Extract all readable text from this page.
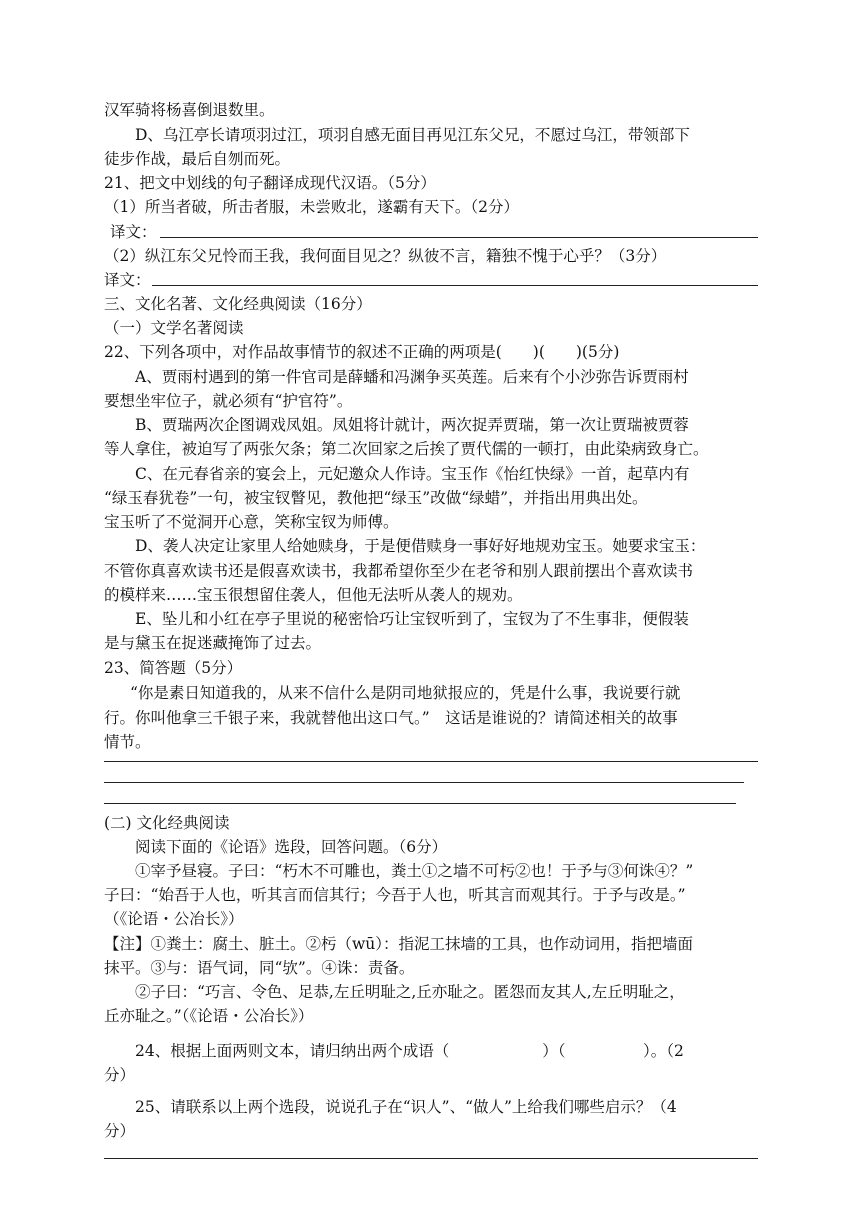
汉军骑将杨喜倒退数里。
D、乌江亭长请项羽过江，项羽自感无面目再见江东父兄，不愿过乌江，带领部下
徒步作战，最后自刎而死。
21、把文中划线的句子翻译成现代汉语。（5分）
（1）所当者破，所击者服，未尝败北，遂霸有天下。（2分）
译文：
（2）纵江东父兄怜而王我，我何面目见之？纵彼不言，籍独不愧于心乎？（3分）
译文：
三、文化名著、文化经典阅读（16分）
（一）文学名著阅读
22、下列各项中，对作品故事情节的叙述不正确的两项是(　　)(　　)(5分)
A、贾雨村遇到的第一件官司是薛蟠和冯渊争买英莲。后来有个小沙弥告诉贾雨村
要想坐牢位子，就必须有“护官符”。
B、贾瑞两次企图调戏凤姐。凤姐将计就计，两次捉弄贾瑞，第一次让贾瑞被贾蓉
等人拿住，被迫写了两张欠条；第二次回家之后挨了贾代儒的一顿打，由此染病致身亡。
C、在元春省亲的宴会上，元妃邀众人作诗。宝玉作《怡红快绿》一首，起草内有
“绿玉春犹卷”一句，被宝钗瞥见，教他把“绿玉”改做“绿蜡”，并指出用典出处。
宝玉听了不觉洞开心意，笑称宝钗为师傅。
D、袭人决定让家里人给她赎身，于是便借赎身一事好好地规劝宝玉。她要求宝玉：
不管你真喜欢读书还是假喜欢读书，我都希望你至少在老爷和别人跟前摆出个喜欢读书
的模样来……宝玉很想留住袭人，但他无法听从袭人的规劝。
E、坠儿和小红在亭子里说的秘密恰巧让宝钗听到了，宝钗为了不生事非，便假装
是与黛玉在捉迷藏掩饰了过去。
23、简答题（5分）
“你是素日知道我的，从来不信什么是阴司地狱报应的，凭是什么事，我说要行就
行。你叫他拿三千银子来，我就替他出这口气。”　这话是谁说的？请简述相关的故事
情节。
(二) 文化经典阅读
阅读下面的《论语》选段，回答问题。（6分）
①宰予昼寝。子曰：“朽木不可雕也，粪土①之墙不可杇②也！于予与③何诛④？”
子曰：“始吾于人也，听其言而信其行；今吾于人也，听其言而观其行。于予与改是。”
（《论语・公冶长》）
【注】①粪土：腐土、脏土。②杇（wū）：指泥工抹墙的工具，也作动词用，指把墙面
抹平。③与：语气词，同“欤”。④诛：责备。
②子曰：“巧言、令色、足恭,左丘明耻之,丘亦耻之。匿怨而友其人,左丘明耻之，
丘亦耻之。”（《论语・公冶长》）
24、根据上面两则文本，请归纳出两个成语（　　　　　　）（　　　　　）。（2
分）
25、请联系以上两个选段，说说孔子在“识人”、“做人”上给我们哪些启示？（4
分）
